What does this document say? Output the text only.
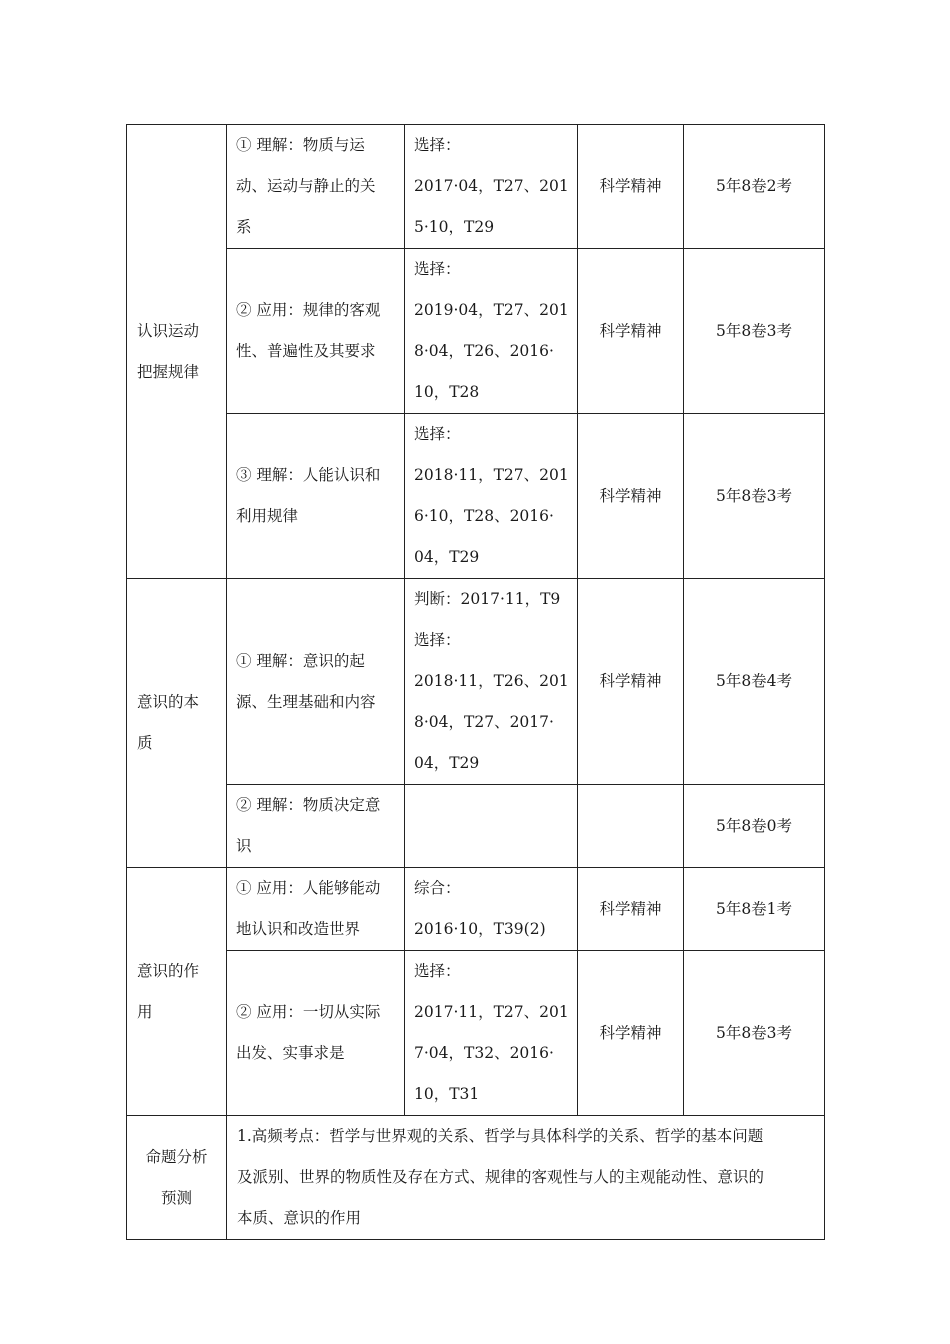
认识运动
把握规律	① 理解：物质与运
动、运动与静止的关
系	选择：
2017·04，T27、201
5·10，T29	科学精神	5年8卷2考

	② 应用：规律的客观
性、普遍性及其要求	选择：
2019·04，T27、201
8·04，T26、2016·
10，T28	科学精神	5年8卷3考

	③ 理解：人能认识和
利用规律	选择：
2018·11，T27、201
6·10，T28、2016·
04，T29	科学精神	5年8卷3考

意识的本
质	① 理解：意识的起
源、生理基础和内容	判断：2017·11，T9
选择：
2018·11，T26、201
8·04，T27、2017·
04，T29	科学精神	5年8卷4考

	② 理解：物质决定意
识			5年8卷0考

意识的作
用	① 应用：人能够能动
地认识和改造世界	综合：
2016·10，T39(2)	科学精神	5年8卷1考

	② 应用：一切从实际
出发、实事求是	选择：
2017·11，T27、201
7·04，T32、2016·
10，T31	科学精神	5年8卷3考

命题分析
预测	1.高频考点：哲学与世界观的关系、哲学与具体科学的关系、哲学的基本问题
及派别、世界的物质性及存在方式、规律的客观性与人的主观能动性、意识的
本质、意识的作用			
